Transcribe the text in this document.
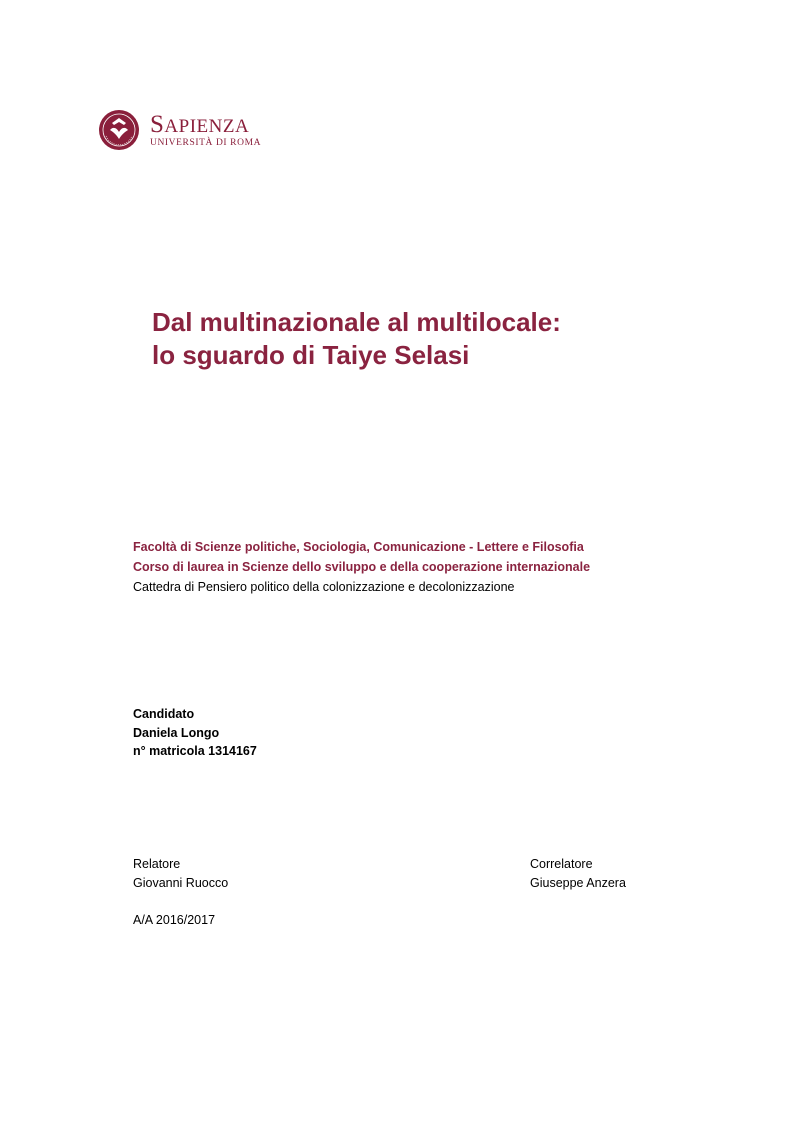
SAPIENZA
UNIVERSITÀ DI ROMA
Dal multinazionale al multilocale:
lo sguardo di Taiye Selasi
Facoltà di Scienze politiche, Sociologia, Comunicazione - Lettere e Filosofia
Corso di laurea in Scienze dello sviluppo e della cooperazione internazionale
Cattedra di Pensiero politico della colonizzazione e decolonizzazione
Candidato
Daniela Longo
n° matricola 1314167
Relatore
Giovanni Ruocco
Correlatore
Giuseppe Anzera
A/A 2016/2017
